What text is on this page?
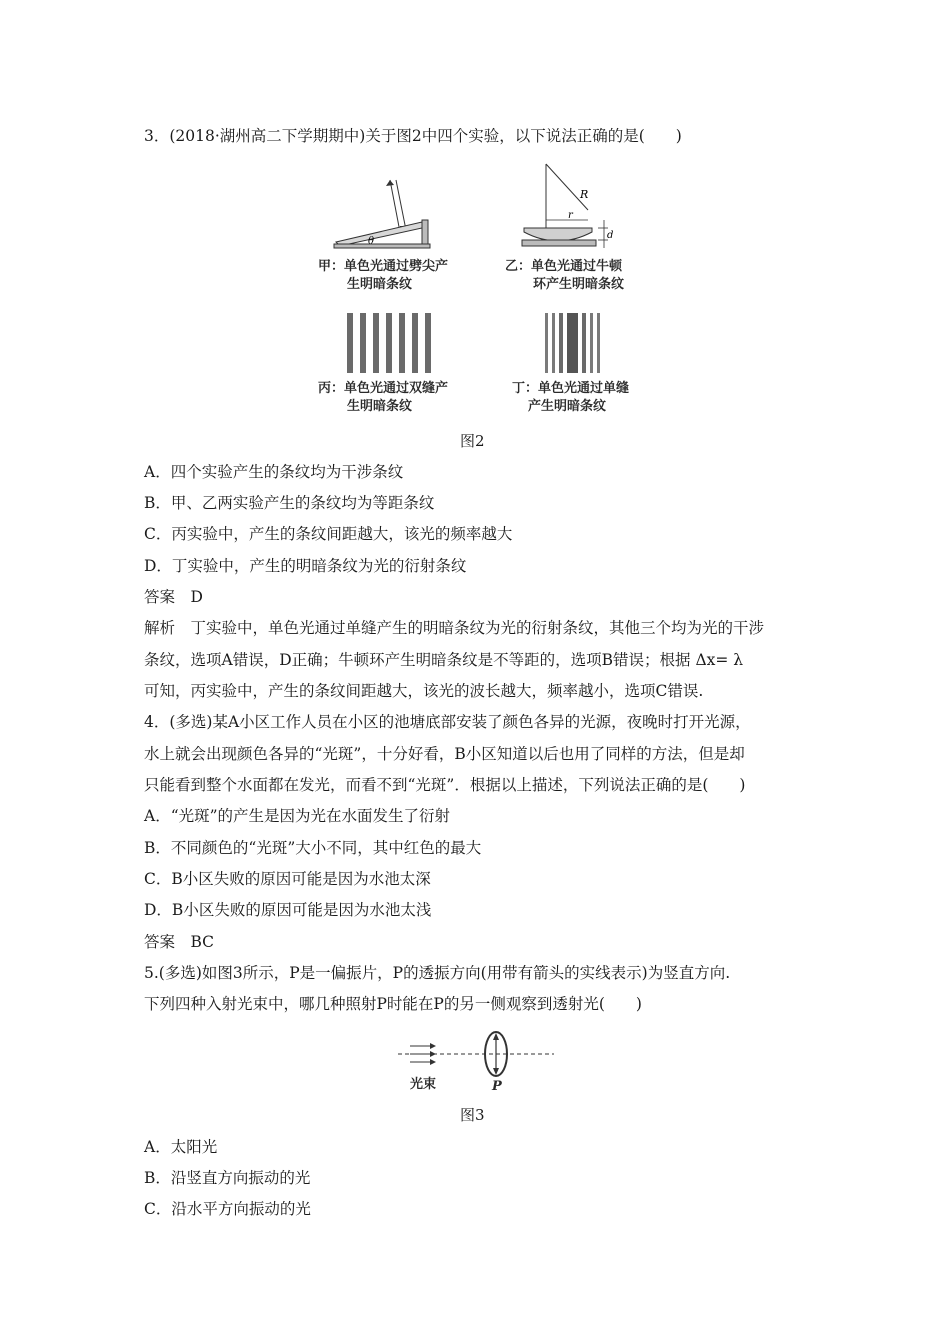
3．(2018·湖州高二下学期期中)关于图2中四个实验，以下说法正确的是(　　)
θ
R
r
d
甲：单色光通过劈尖产
生明暗条纹
乙：单色光通过牛顿
环产生明暗条纹
丙：单色光通过双缝产
生明暗条纹
丁：单色光通过单缝
产生明暗条纹
图2
A．四个实验产生的条纹均为干涉条纹
B．甲、乙两实验产生的条纹均为等距条纹
C．丙实验中，产生的条纹间距越大，该光的频率越大
D．丁实验中，产生的明暗条纹为光的衍射条纹
答案　D
解析　丁实验中，单色光通过单缝产生的明暗条纹为光的衍射条纹，其他三个均为光的干涉
条纹，选项A错误，D正确；牛顿环产生明暗条纹是不等距的，选项B错误；根据 Δx= λ
可知，丙实验中，产生的条纹间距越大，该光的波长越大，频率越小，选项C错误.
4．(多选)某A小区工作人员在小区的池塘底部安装了颜色各异的光源，夜晚时打开光源，
水上就会出现颜色各异的“光斑”，十分好看，B小区知道以后也用了同样的方法，但是却
只能看到整个水面都在发光，而看不到“光斑”．根据以上描述，下列说法正确的是(　　)
A．“光斑”的产生是因为光在水面发生了衍射
B．不同颜色的“光斑”大小不同，其中红色的最大
C．B小区失败的原因可能是因为水池太深
D．B小区失败的原因可能是因为水池太浅
答案　BC
5.(多选)如图3所示，P是一偏振片，P的透振方向(用带有箭头的实线表示)为竖直方向.
下列四种入射光束中，哪几种照射P时能在P的另一侧观察到透射光(　　)
光束	P
图3
A．太阳光
B．沿竖直方向振动的光
C．沿水平方向振动的光
